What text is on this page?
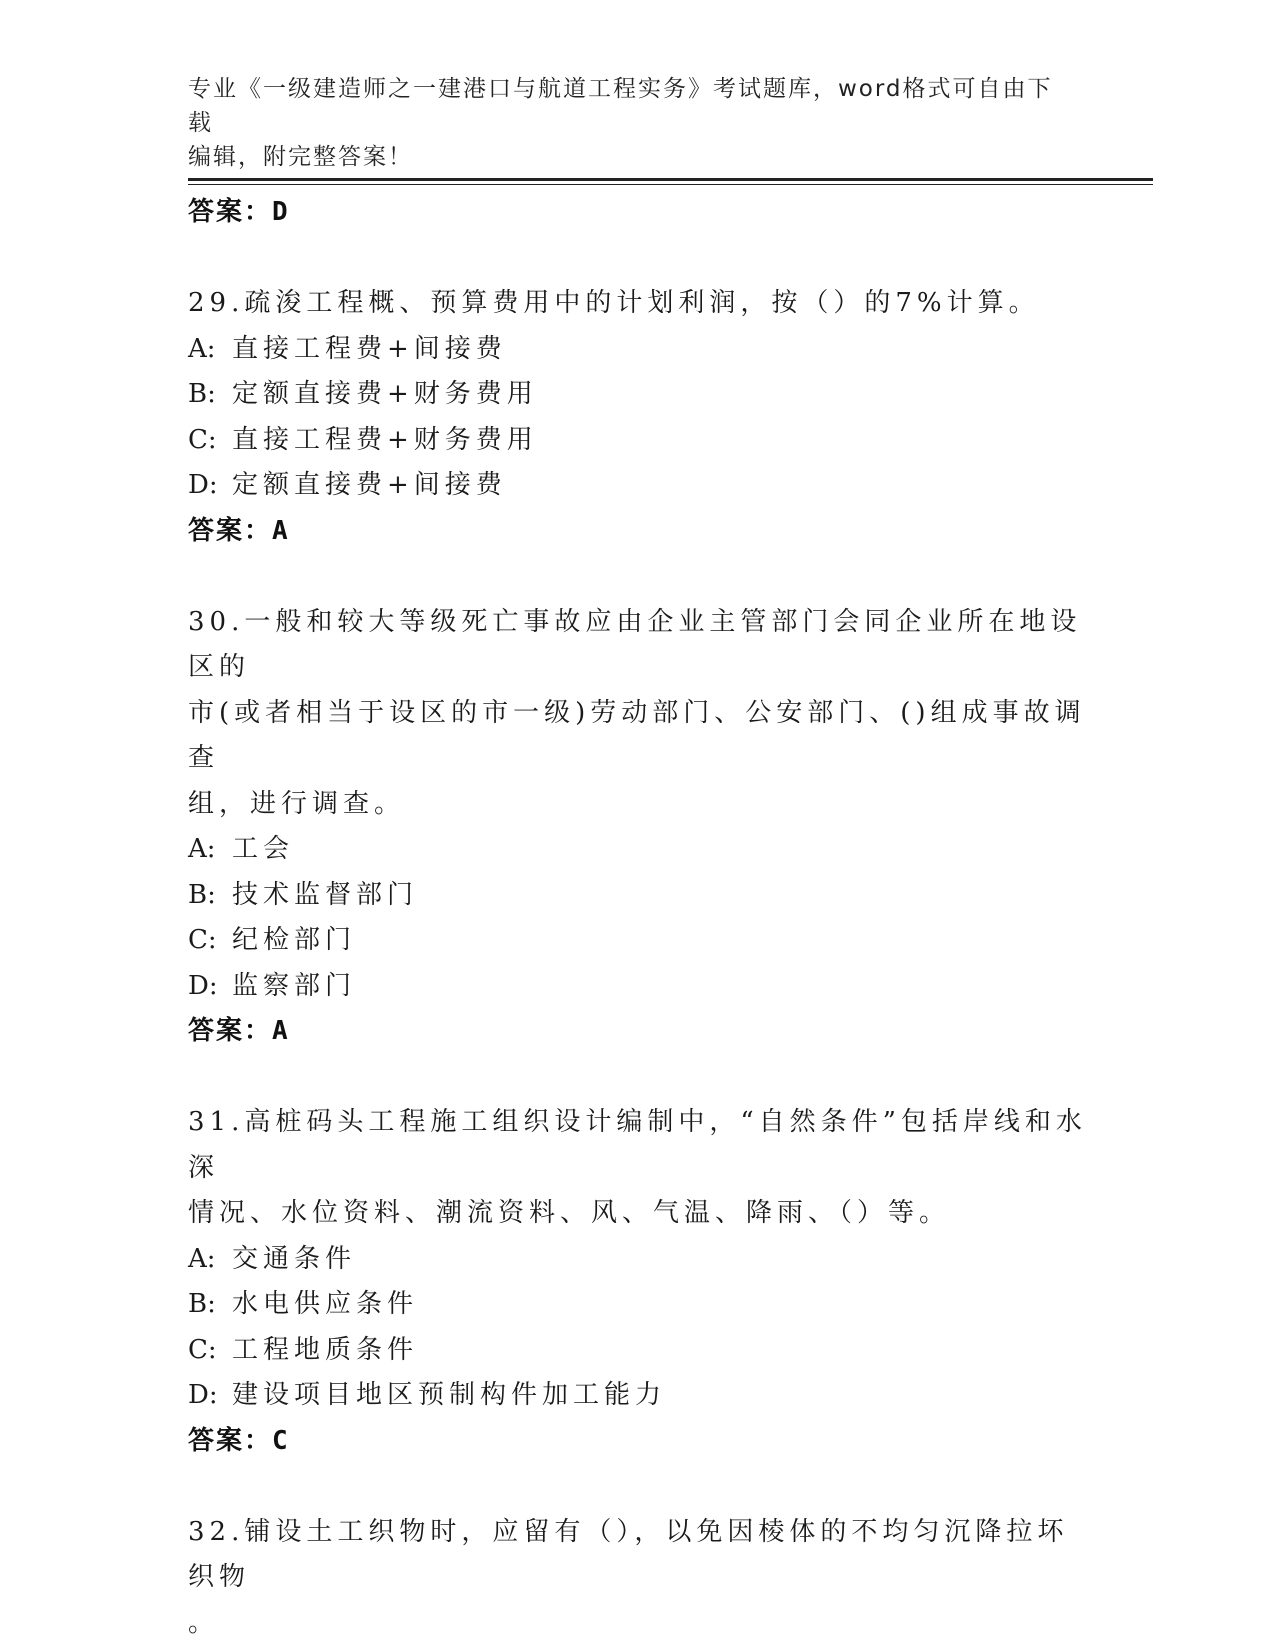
专业《一级建造师之一建港口与航道工程实务》考试题库，word格式可自由下载
编辑，附完整答案！
答案：D
29.疏浚工程概、预算费用中的计划利润，按（）的7%计算。
A: 直接工程费+间接费
B: 定额直接费+财务费用
C: 直接工程费+财务费用
D: 定额直接费+间接费
答案：A
30.一般和较大等级死亡事故应由企业主管部门会同企业所在地设区的
市(或者相当于设区的市一级)劳动部门、公安部门、()组成事故调查
组，进行调查。
A: 工会
B: 技术监督部门
C: 纪检部门
D: 监察部门
答案：A
31.高桩码头工程施工组织设计编制中，“自然条件”包括岸线和水深
情况、水位资料、潮流资料、风、气温、降雨、（）等。
A: 交通条件
B: 水电供应条件
C: 工程地质条件
D: 建设项目地区预制构件加工能力
答案：C
32.铺设土工织物时，应留有（），以免因棱体的不均匀沉降拉坏织物
。
